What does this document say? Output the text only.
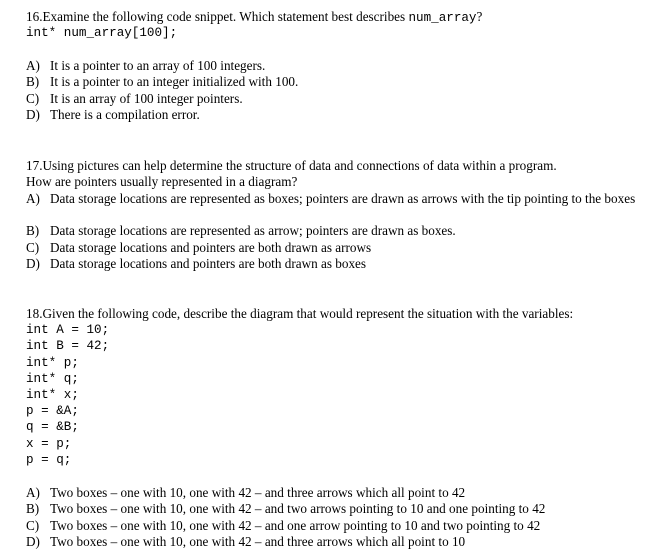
16.Examine the following code snippet. Which statement best describes num_array?
int* num_array[100];
A) It is a pointer to an array of 100 integers.
B) It is a pointer to an integer initialized with 100.
C) It is an array of 100 integer pointers.
D) There is a compilation error.
17.Using pictures can help determine the structure of data and connections of data within a program.
How are pointers usually represented in a diagram?
A) Data storage locations are represented as boxes; pointers are drawn as arrows with the tip pointing to the boxes
B) Data storage locations are represented as arrow; pointers are drawn as boxes.
C) Data storage locations and pointers are both drawn as arrows
D) Data storage locations and pointers are both drawn as boxes
18.Given the following code, describe the diagram that would represent the situation with the variables:
int A = 10;
int B = 42;
int* p;
int* q;
int* x;
p = &A;
q = &B;
x = p;
p = q;
A) Two boxes – one with 10, one with 42 – and three arrows which all point to 42
B) Two boxes – one with 10, one with 42 – and two arrows pointing to 10 and one pointing to 42
C) Two boxes – one with 10, one with 42 – and one arrow pointing to 10 and two pointing to 42
D) Two boxes – one with 10, one with 42 – and three arrows which all point to 10
